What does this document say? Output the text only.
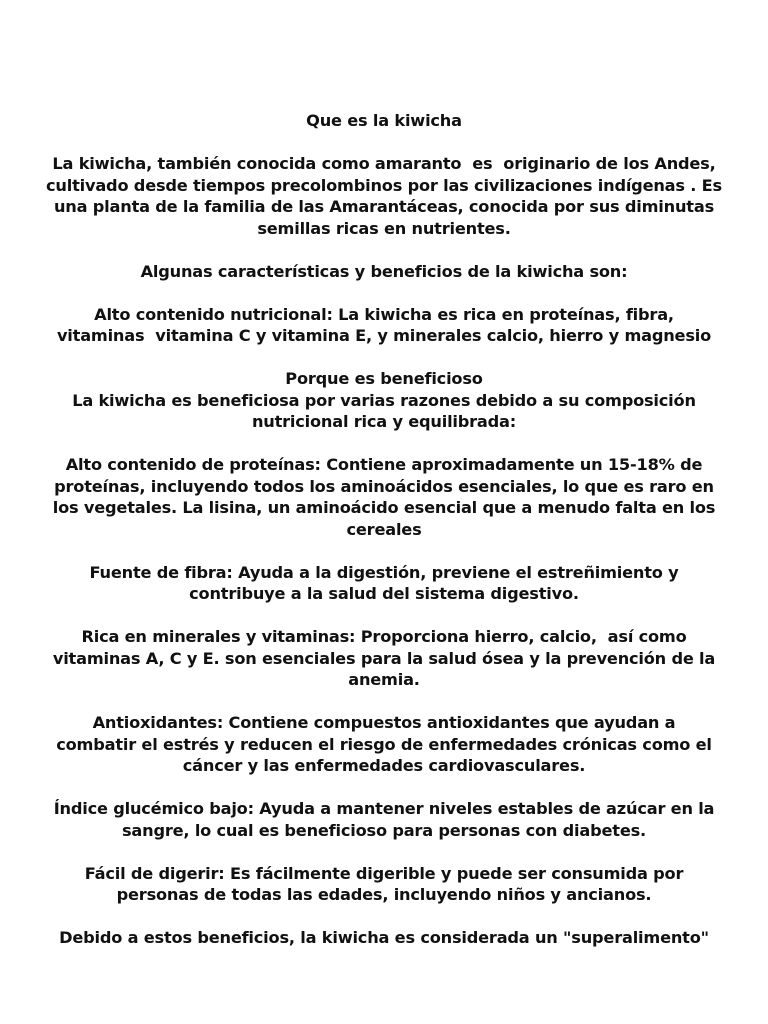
Que es la kiwicha

La kiwicha, también conocida como amaranto  es  originario de los Andes,

cultivado desde tiempos precolombinos por las civilizaciones indígenas . Es

una planta de la familia de las Amarantáceas, conocida por sus diminutas

semillas ricas en nutrientes.

Algunas características y beneficios de la kiwicha son:

Alto contenido nutricional: La kiwicha es rica en proteínas, fibra,

vitaminas  vitamina C y vitamina E, y minerales calcio, hierro y magnesio

Porque es beneficioso

La kiwicha es beneficiosa por varias razones debido a su composición

nutricional rica y equilibrada:

Alto contenido de proteínas: Contiene aproximadamente un 15-18% de

proteínas, incluyendo todos los aminoácidos esenciales, lo que es raro en

los vegetales. La lisina, un aminoácido esencial que a menudo falta en los

cereales

Fuente de fibra: Ayuda a la digestión, previene el estreñimiento y

contribuye a la salud del sistema digestivo.

Rica en minerales y vitaminas: Proporciona hierro, calcio,  así como

vitaminas A, C y E. son esenciales para la salud ósea y la prevención de la

anemia.

Antioxidantes: Contiene compuestos antioxidantes que ayudan a

combatir el estrés y reducen el riesgo de enfermedades crónicas como el

cáncer y las enfermedades cardiovasculares.

Índice glucémico bajo: Ayuda a mantener niveles estables de azúcar en la

sangre, lo cual es beneficioso para personas con diabetes.

Fácil de digerir: Es fácilmente digerible y puede ser consumida por

personas de todas las edades, incluyendo niños y ancianos.

Debido a estos beneficios, la kiwicha es considerada un "superalimento"
